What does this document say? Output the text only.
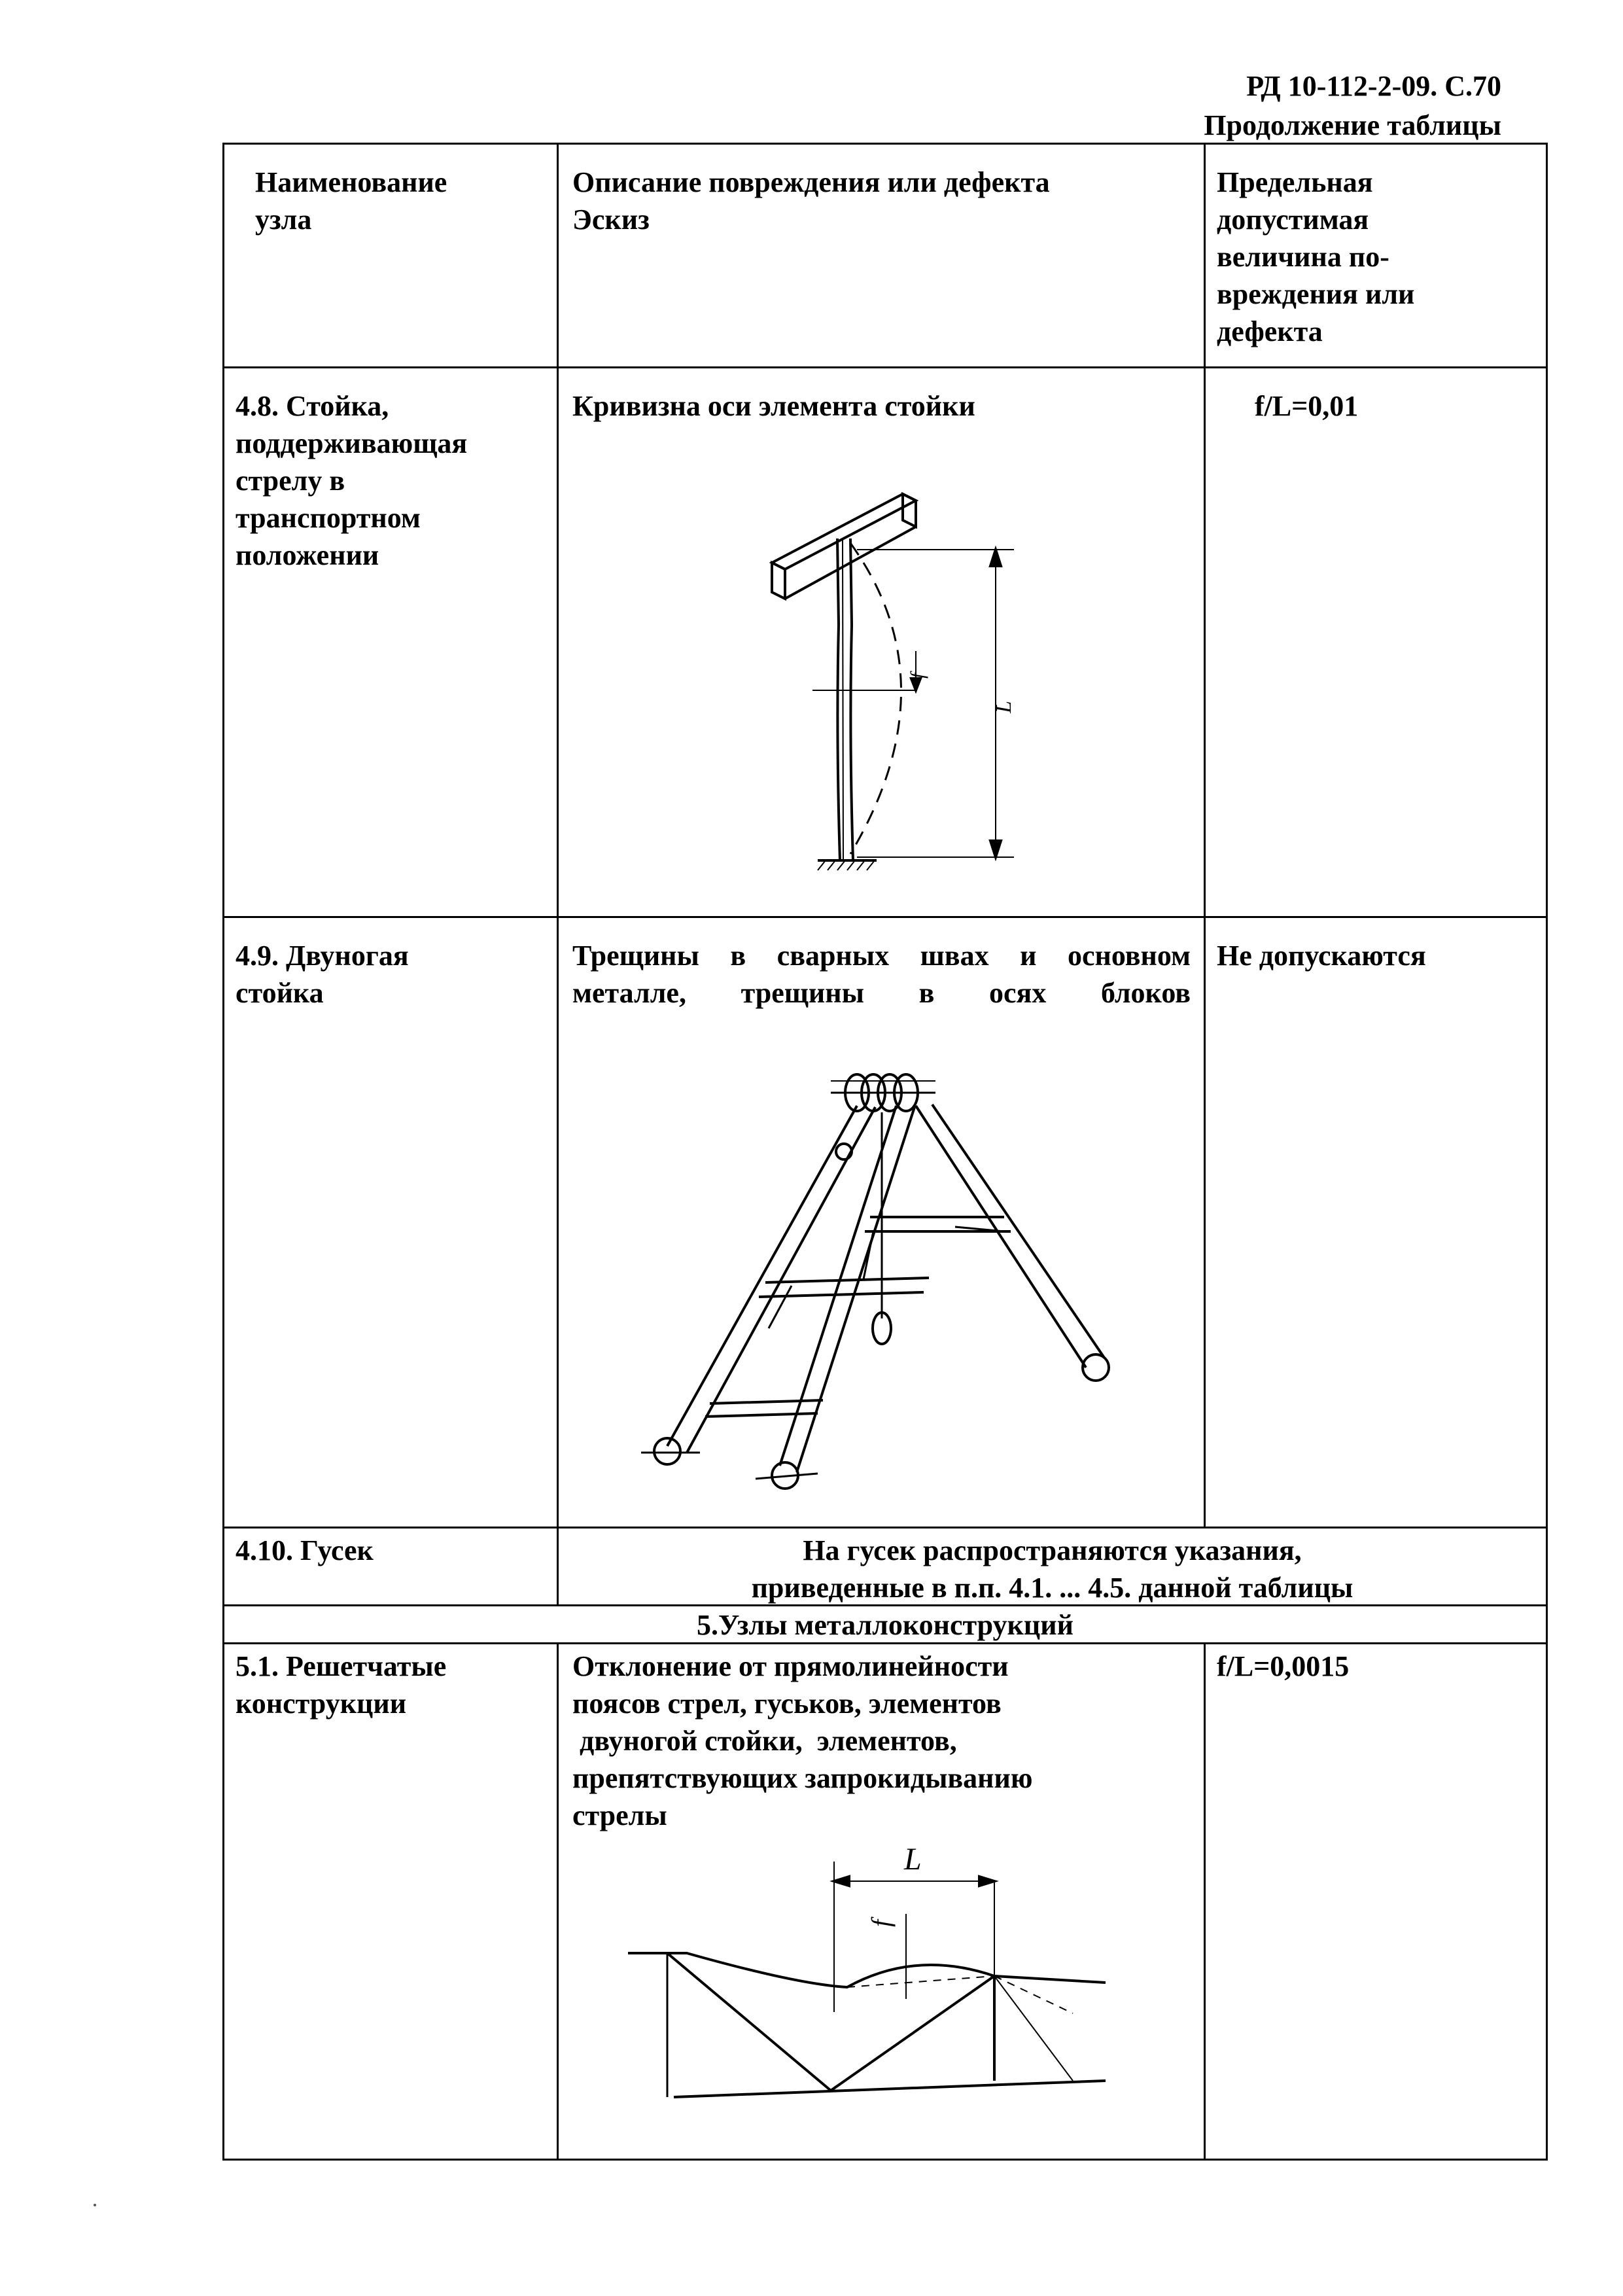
РД 10-112-2-09. С.70
Продолжение таблицы
Наименование
узла
Описание повреждения или дефекта
Эскиз
Предельная
допустимая
величина по-
вреждения или
дефекта
4.8. Стойка,
поддерживающая
стрелу в
транспортном
положении
Кривизна оси элемента стойки	f/L=0,01
f
L
4.9. Двуногая
стойка
Трещины в сварных швах и основном
металле, трещины в осях блоков
Не допускаются
4.10. Гусек	На гусек распространяются указания,
приведенные в п.п. 4.1. ... 4.5. данной таблицы
5.Узлы металлоконструкций
5.1. Решетчатые
конструкции
Отклонение от прямолинейности
поясов стрел, гуськов, элементов
двуногой стойки,  элементов,
препятствующих запрокидыванию
стрелы
f/L=0,0015
L
f
